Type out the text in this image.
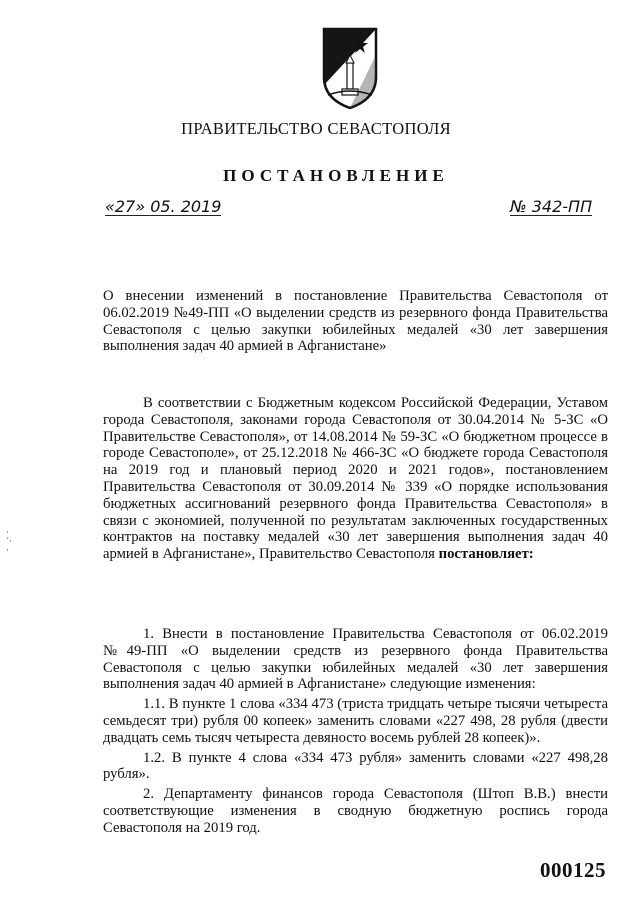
ПРАВИТЕЛЬСТВО СЕВАСТОПОЛЯ
ПОСТАНОВЛЕНИЕ
«27» 05. 2019	№ 342-ПП

О внесении изменений в постановление Правительства Севастополя от 06.02.2019 №49-ПП «О выделении средств из резервного фонда Правительства Севастополя с целью закупки юбилейных медалей «30 лет завершения выполнения задач 40 армией в Афганистане»

В соответствии с Бюджетным кодексом Российской Федерации, Уставом города Севастополя, законами города Севастополя от 30.04.2014 № 5-ЗС «О Правительстве Севастополя», от 14.08.2014 № 59-ЗС «О бюджетном процессе в городе Севастополе», от 25.12.2018 № 466-ЗС «О бюджете города Севастополя на 2019 год и плановый период 2020 и 2021 годов», постановлением Правительства Севастополя от 30.09.2014 № 339 «О порядке использования бюджетных ассигнований резервного фонда Правительства Севастополя» в связи с экономией, полученной по результатам заключенных государственных контрактов на поставку медалей «30 лет завершения выполнения задач 40 армией в Афганистане», Правительство Севастополя постановляет:

1. Внести в постановление Правительства Севастополя от 06.02.2019 №49-ПП «О выделении средств из резервного фонда Правительства Севастополя с целью закупки юбилейных медалей «30 лет завершения выполнения задач 40 армией в Афганистане» следующие изменения:

1.1. В пункте 1 слова «334 473 (триста тридцать четыре тысячи четыреста семьдесят три) рубля 00 копеек» заменить словами «227 498, 28 рубля (двести двадцать семь тысяч четыреста девяносто восемь рублей 28 копеек)».

1.2. В пункте 4 слова «334 473 рубля» заменить словами «227 498,28 рубля».

2. Департаменту финансов города Севастополя (Штоп В.В.) внести соответствующие изменения в сводную бюджетную роспись города Севастополя на 2019 год.

·
`·
·
000125
